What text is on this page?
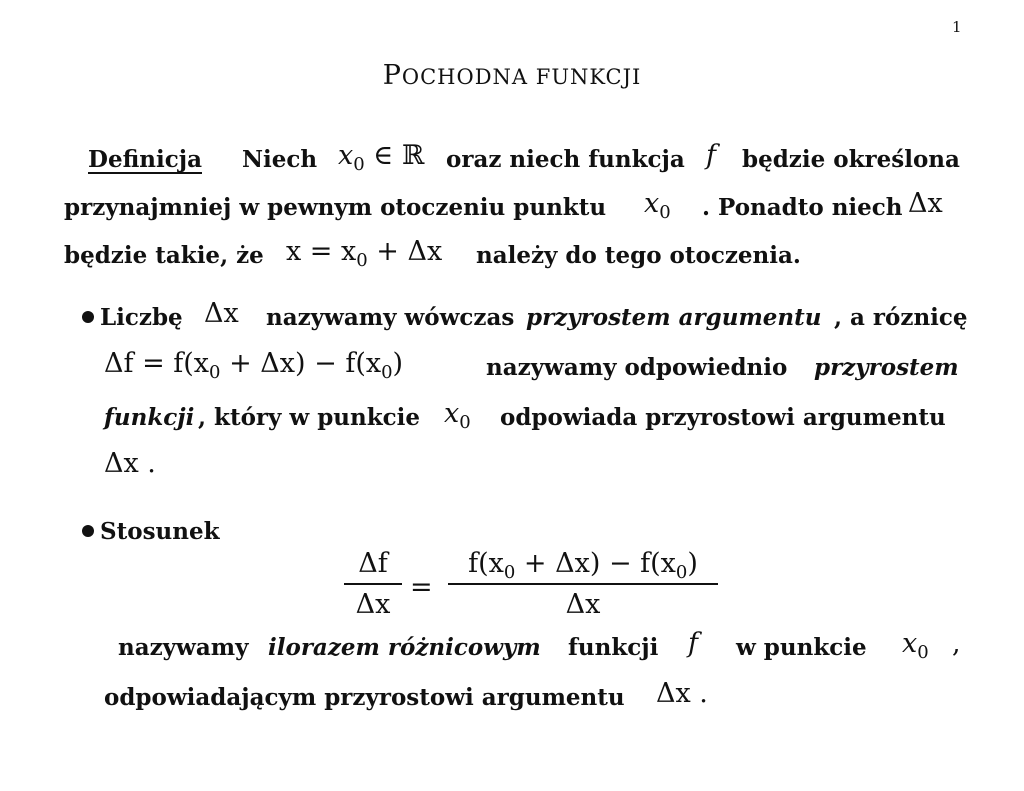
1
POCHODNA FUNKCJI
Definicja Niech $x_0$ ∈ ℝ oraz niech funkcja f będzie określona
przynajmniej w pewnym otoczeniu punktu $x_0$ . Ponadto niech Δx
będzie takie, że $x = x_0 + \Delta x$ należy do tego otoczenia.
Liczbę Δx nazywamy wówczas przyrostem argumentu , a róznicę
$\Delta f = f(x_0 + \Delta x) - f(x_0)$	nazywamy odpowiednio przyrostem
funkcji , który w punkcie $x_0$ odpowiada przyrostowi argumentu
Δx .
Stosunek
Δf
Δx
=
$f(x_0 + \Delta x) - f(x_0)$
Δx
nazywamy ilorazem różnicowym funkcji f w punkcie $x_0$ ,
odpowiadającym przyrostowi argumentu Δx .
